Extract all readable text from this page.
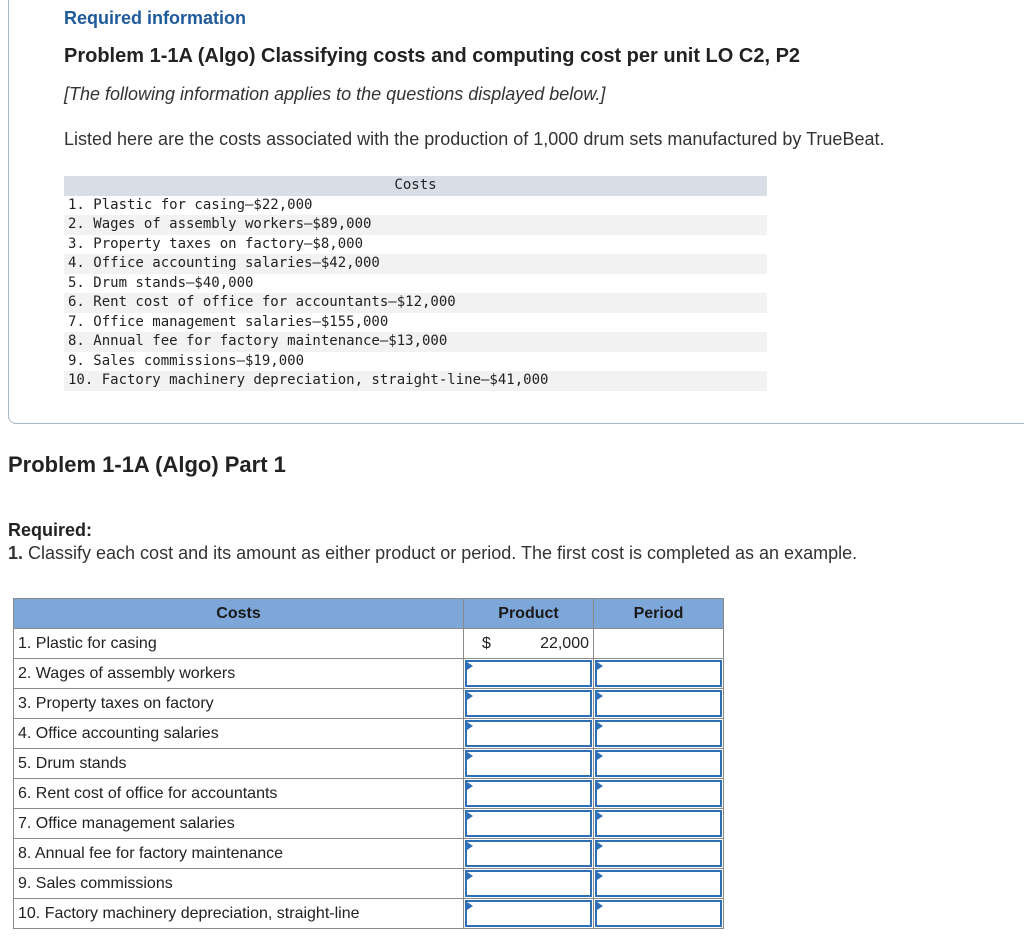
Required information
Problem 1-1A (Algo) Classifying costs and computing cost per unit LO C2, P2
[The following information applies to the questions displayed below.]
Listed here are the costs associated with the production of 1,000 drum sets manufactured by TrueBeat.
Costs
1. Plastic for casing—$22,000
2. Wages of assembly workers—$89,000
3. Property taxes on factory—$8,000
4. Office accounting salaries—$42,000
5. Drum stands—$40,000
6. Rent cost of office for accountants—$12,000
7. Office management salaries—$155,000
8. Annual fee for factory maintenance—$13,000
9. Sales commissions—$19,000
10. Factory machinery depreciation, straight-line—$41,000
Problem 1-1A (Algo) Part 1
Required:
1. Classify each cost and its amount as either product or period. The first cost is completed as an example.
Costs	Product	Period
1. Plastic for casing	$ 22,000	

2. Wages of assembly workers	

3. Property taxes on factory	

4. Office accounting salaries	

5. Drum stands	

6. Rent cost of office for accountants	

7. Office management salaries	

8. Annual fee for factory maintenance	

9. Sales commissions	

10. Factory machinery depreciation, straight-line	
